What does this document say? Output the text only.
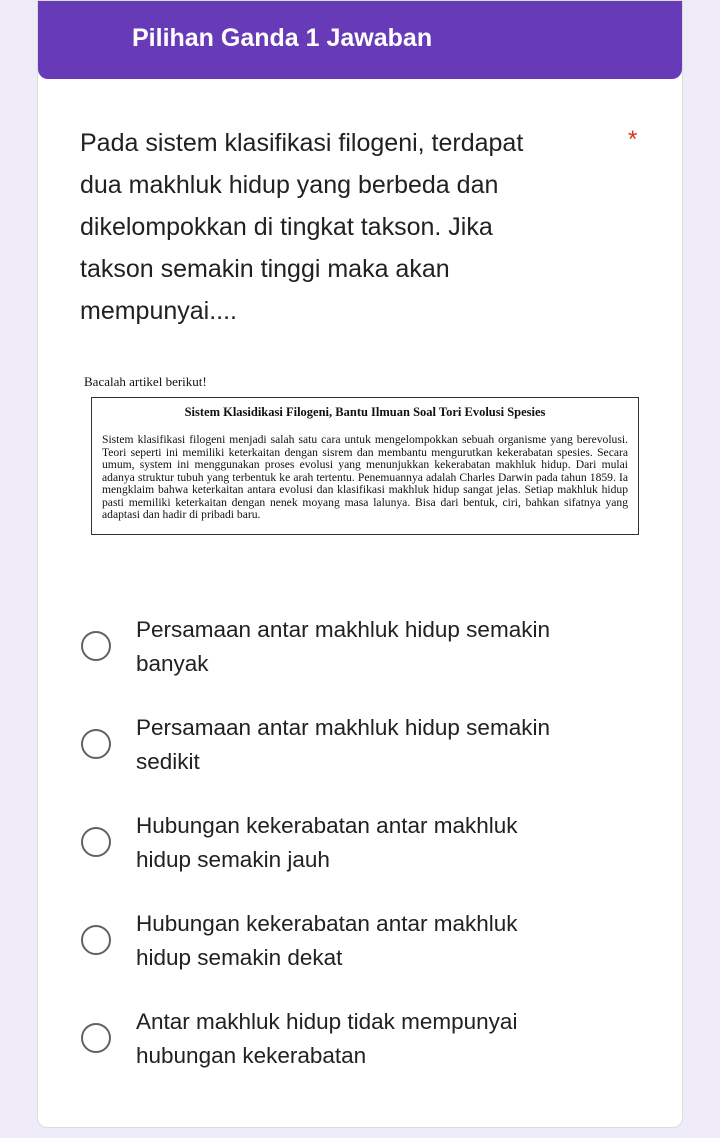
Pilihan Ganda 1 Jawaban
Pada sistem klasifikasi filogeni, terdapat
dua makhluk hidup yang berbeda dan
dikelompokkan di tingkat takson. Jika
takson semakin tinggi maka akan
mempunyai....
*
Bacalah artikel berikut!
Sistem Klasidikasi Filogeni, Bantu Ilmuan Soal Tori Evolusi Spesies
Sistem klasifikasi filogeni menjadi salah satu cara untuk mengelompokkan sebuah organisme yang berevolusi. Teori seperti ini memiliki keterkaitan dengan sisrem dan membantu mengurutkan kekerabatan spesies. Secara umum, system ini menggunakan proses evolusi yang menunjukkan kekerabatan makhluk hidup. Dari mulai adanya struktur tubuh yang terbentuk ke arah tertentu. Penemuannya adalah Charles Darwin pada tahun 1859. Ia mengklaim bahwa keterkaitan antara evolusi dan klasifikasi makhluk hidup sangat jelas. Setiap makhluk hidup pasti memiliki keterkaitan dengan nenek moyang masa lalunya. Bisa dari bentuk, ciri, bahkan sifatnya yang adaptasi dan hadir di pribadi baru.
Persamaan antar makhluk hidup semakin
banyak
Persamaan antar makhluk hidup semakin
sedikit
Hubungan kekerabatan antar makhluk
hidup semakin jauh
Hubungan kekerabatan antar makhluk
hidup semakin dekat
Antar makhluk hidup tidak mempunyai
hubungan kekerabatan
